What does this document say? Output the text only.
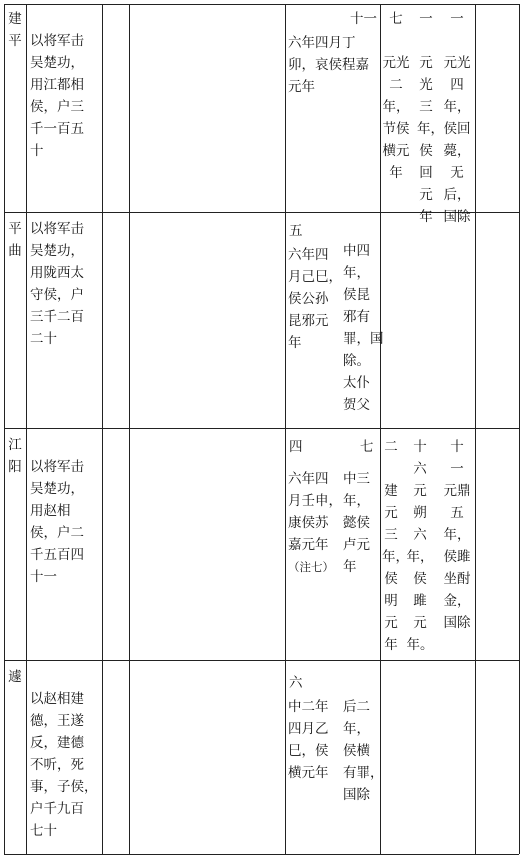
建
平 以将军击
吴楚功，
用江都相
侯，户三
千一百五
十
十一
六年四月丁
卯，哀侯程嘉
元年
七

元光
二年，
节侯
横元
年
一

元
光
三
年，
侯
回
元
年
一

元光
四年，
侯回
薨，
无
后，
国除
平
曲
以将军击
吴楚功，
用陇西太
守侯，户
三千二百
二十
五
六年四
月己巳，
侯公孙
昆邪元
年
中四
年，
侯昆
邪有
罪，国
除。
太仆
贺父
江
阳 以将军击
吴楚功，
用赵相
侯，户二
千五百四
十一
四	七
六年四
月壬申，
康侯苏
嘉元年
（注七）
中三
年，
懿侯
卢元
年
二

建
元
三
年，
侯
明
元
年
十
六
元
朔
六
年，
侯
雎
元
年。
十
一
元鼎
五年，
侯雎
坐酎
金，
国除
遽
以赵相建
德，王遂
反，建德
不听，死
事，子侯，
户千九百
七十
六
中二年
四月乙
巳，侯
横元年
后二
年，
侯横
有罪，
国除
